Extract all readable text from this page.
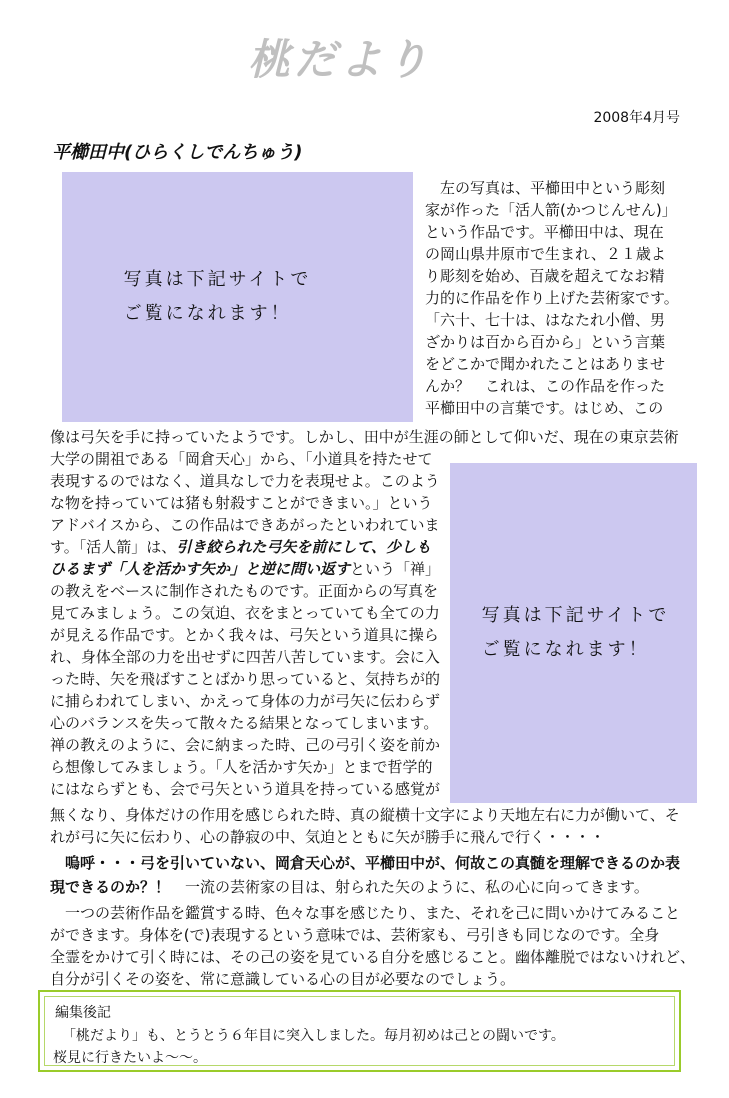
桃だより
2008年4月号
平櫛田中(ひらくしでんちゅう)
写真は下記サイトで
ご覧になれます！
写真は下記サイトで
ご覧になれます！
　左の写真は、平櫛田中という彫刻
家が作った「活人箭(かつじんせん)」
という作品です。平櫛田中は、現在
の岡山県井原市で生まれ、２１歳よ
り彫刻を始め、百歳を超えてなお精
力的に作品を作り上げた芸術家です。
「六十、七十は、はなたれ小僧、男
ざかりは百から百から」という言葉
をどこかで聞かれたことはありませ
んか？　これは、この作品を作った
平櫛田中の言葉です。はじめ、この
像は弓矢を手に持っていたようです。しかし、田中が生涯の師として仰いだ、現在の東京芸術
大学の開祖である「岡倉天心」から、「小道具を持たせて
表現するのではなく、道具なしで力を表現せよ。このよう
な物を持っていては猪も射殺すことができまい。」という
アドバイスから、この作品はできあがったといわれていま
す。「活人箭」は、引き絞られた弓矢を前にして、少しも
ひるまず「人を活かす矢か」と逆に問い返すという「禅」
の教えをベースに制作されたものです。正面からの写真を
見てみましょう。この気迫、衣をまとっていても全ての力
が見える作品です。とかく我々は、弓矢という道具に操ら
れ、身体全部の力を出せずに四苦八苦しています。会に入
った時、矢を飛ばすことばかり思っていると、気持ちが的
に捕らわれてしまい、かえって身体の力が弓矢に伝わらず
心のバランスを失って散々たる結果となってしまいます。
禅の教えのように、会に納まった時、己の弓引く姿を前か
ら想像してみましょう。「人を活かす矢か」とまで哲学的
にはならずとも、会で弓矢という道具を持っている感覚が
無くなり、身体だけの作用を感じられた時、真の縦横十文字により天地左右に力が働いて、そ
れが弓に矢に伝わり、心の静寂の中、気迫とともに矢が勝手に飛んで行く・・・・
　嗚呼・・・弓を引いていない、岡倉天心が、平櫛田中が、何故この真髄を理解できるのか表
現できるのか？！　一流の芸術家の目は、射られた矢のように、私の心に向ってきます。
　一つの芸術作品を鑑賞する時、色々な事を感じたり、また、それを己に問いかけてみること
ができます。身体を(で)表現するという意味では、芸術家も、弓引きも同じなのです。全身
全霊をかけて引く時には、その己の姿を見ている自分を感じること。幽体離脱ではないけれど、
自分が引くその姿を、常に意識している心の目が必要なのでしょう。
編集後記
　「桃だより」も、とうとう６年目に突入しました。毎月初めは己との闘いです。
桜見に行きたいよ〜〜。
